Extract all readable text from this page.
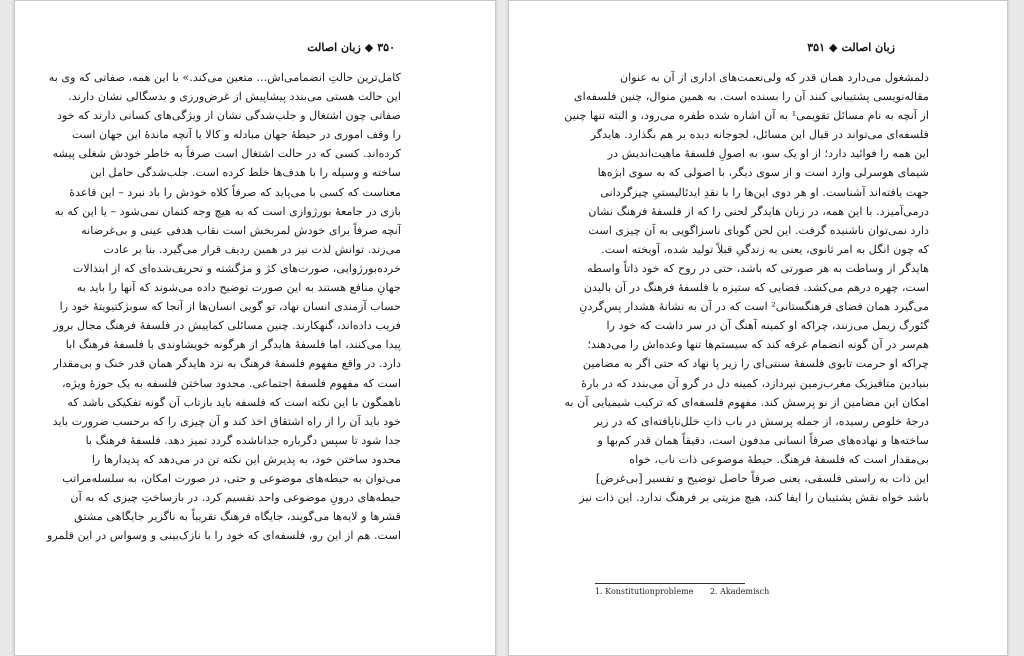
۳۵۰◆زبان اصالت
کامل‌ترین حالتِ انضمامی‌اش... متعین می‌کند.» با این همه، صفاتی که وی به
این حالت هستی می‌بندد پیشاپیش از غرض‌ورزی و بدسگالی نشان دارند.
صفاتی چون اشتغال و جلب‌شدگی نشان از ویژگی‌های کسانی دارند که خود
را وقف اموری در حیطهٔ جهان مبادله و کالا یا آنچه ماندهٔ این جهان است
کرده‌اند. کسی که در حالت اشتغال است صرفاً به خاطر خودش شغلی پیشه
ساخته و وسیله را با هدف‌ها خلط کرده است. جلب‌شدگی حامل این
معناست که کسی با می‌پاید که صرفاً کلاه خودش را باد نبرد – این قاعدهٔ
بازی در جامعهٔ بورژوازی است که به هیچ وجه کتمان نمی‌شود – یا این که به
آنچه صرفاً برای خودش لمربخش است نقاب هدفی عینی و بی‌غرضانه
می‌زند. توانش لذت نیز در همین ردیف قرار می‌گیرد. بنا بر عادت
خرده‌بورژوایی، صورت‌های کژ و مژگشته و تحریف‌شده‌ای که از ابتذالات
جهانِ منافع هستند به این صورت توضیح داده می‌شوند که آنها را باید به
حساب آزمندی انسان نهاد، تو گویی انسان‌ها از آنجا که سوبژکتیویتهٔ خود را
فریب داده‌اند، گنهکارند. چنین مسائلی کماییش در فلسفهٔ فرهنگ مجال بروز
پیدا می‌کنند، اما فلسفهٔ هایدگر از هرگونه خویشاوندی با فلسفهٔ فرهنگ ابا
دارد. در واقع مفهوم فلسفهٔ فرهنگ به نزد هایدگر همان قدر خنک و بی‌مقدار
است که مفهوم فلسفهٔ اجتماعی. محدود ساختن فلسفه به یک حوزهٔ ویژه،
ناهمگون با این نکته است که فلسفه باید بازتاب آن گونه تفکیکی باشد که
خود باید آن را از راه اشتقاق اخذ کند و آن چیزی را که برحسب ضرورت باید
جدا شود تا سپس دگرباره جداناشده گردد تمیز دهد. فلسفهٔ فرهنگ با
محدود ساختن خود، به پذیرش این نکته تن در می‌دهد که پدیدارها را
می‌توان به حیطه‌های موضوعی و حتی، در صورت امکان، به سلسله‌مراتب
حیطه‌های درونِ موضوعی واحد تقسیم کرد. در بازساختِ چیزی که به آن
قشرها و لایه‌ها می‌گویند، جایگاه فرهنگ تقریباً به ناگزیر جایگاهی مشتق
است. هم از این رو، فلسفه‌ای که خود را با نازک‌بینی و وسواس در این قلمرو
زبان اصالت◆۳۵۱
دلمشغول می‌دارد همان قدر که ولی‌نعمت‌های اداری از آن به عنوان
مقاله‌نویسی پشتیبانی کنند آن را بسنده است. به همین منوال، چنین فلسفه‌ای
از آنچه به نام مسائل تقویمی¹ به آن اشاره شده طفره می‌رود، و البته تنها چنین
فلسفه‌ای می‌تواند در قبال این مسائل، لجوجانه دیده بر هم بگذارد. هایدگر
این همه را فوائید دارد؛ از او یک سو، به اصولِ فلسفهٔ ماهیت‌اندیش در
شیمای هوسرلی وارد است و از سوی دیگر، با اصولی که به سوی ابژه‌ها
جهت یافته‌اند آشناست. او هر دوی این‌ها را با نقدِ ایدئالیستیِ چیزگردانی
درمی‌آمیزد. با این همه، در زبان هایدگر لحنی را که از فلسفهٔ فرهنگ نشان
دارد نمی‌توان ناشنیده گرفت. این لحن گویای ناسزاگویی به آن چیزی است
که چون انگل به امر ثانوی، یعنی به زندگیِ قبلاً تولید شده، آویخته است.
هایدگر از وساطت به هر صورتی که باشد، حتی در روح که خود ذاتاً واسطه
است، چهره درهم می‌کشد. فضایی که ستیزه با فلسفهٔ فرهنگ در آن بالیدن
می‌گیرد همان فضای فرهنگستانی² است که در آن به نشانهٔ هشدار پس‌گردنِ
گئورگ زیمل می‌زنند، چراکه او کمینه آهنگ آن در سر داشت که خود را
هم‌سر در آن گونه انضمام غرقه کند که سیستم‌ها تنها وعده‌اش را می‌دهند؛
چراکه او حرمت تابوی فلسفهٔ سنتی‌ای را زیر پا نهاد که حتی اگر به مضامین
بنیادین متافیزیک مغرب‌زمین نپردازد، کمینه دل در گرو آن می‌بندد که در بارهٔ
امکان این مضامین از نو پرسش کند. مفهوم فلسفه‌ای که ترکیب شیمیایی آن به
درجهٔ خلوص رسیده، از جمله پرسش در باب ذاتِ خلل‌ناپافته‌ای که در زیر
ساخته‌ها و نهاده‌های صرفاً انسانی مدفون است، دقیقاً همان قدر کم‌بها و
بی‌مقدار است که فلسفهٔ فرهنگ. حیطهٔ موضوعی ذات ناب، خواه
این ذات به راستی فلسفی، یعنی صرفاً حاصل توضیح و تفسیر [بی‌غرض]
باشد خواه نقش پشتیبان را ایفا کند، هیچ مزیتی بر فرهنگ ندارد. این ذات نیز
1. Konstitutionprobleme 2. Akademisch
